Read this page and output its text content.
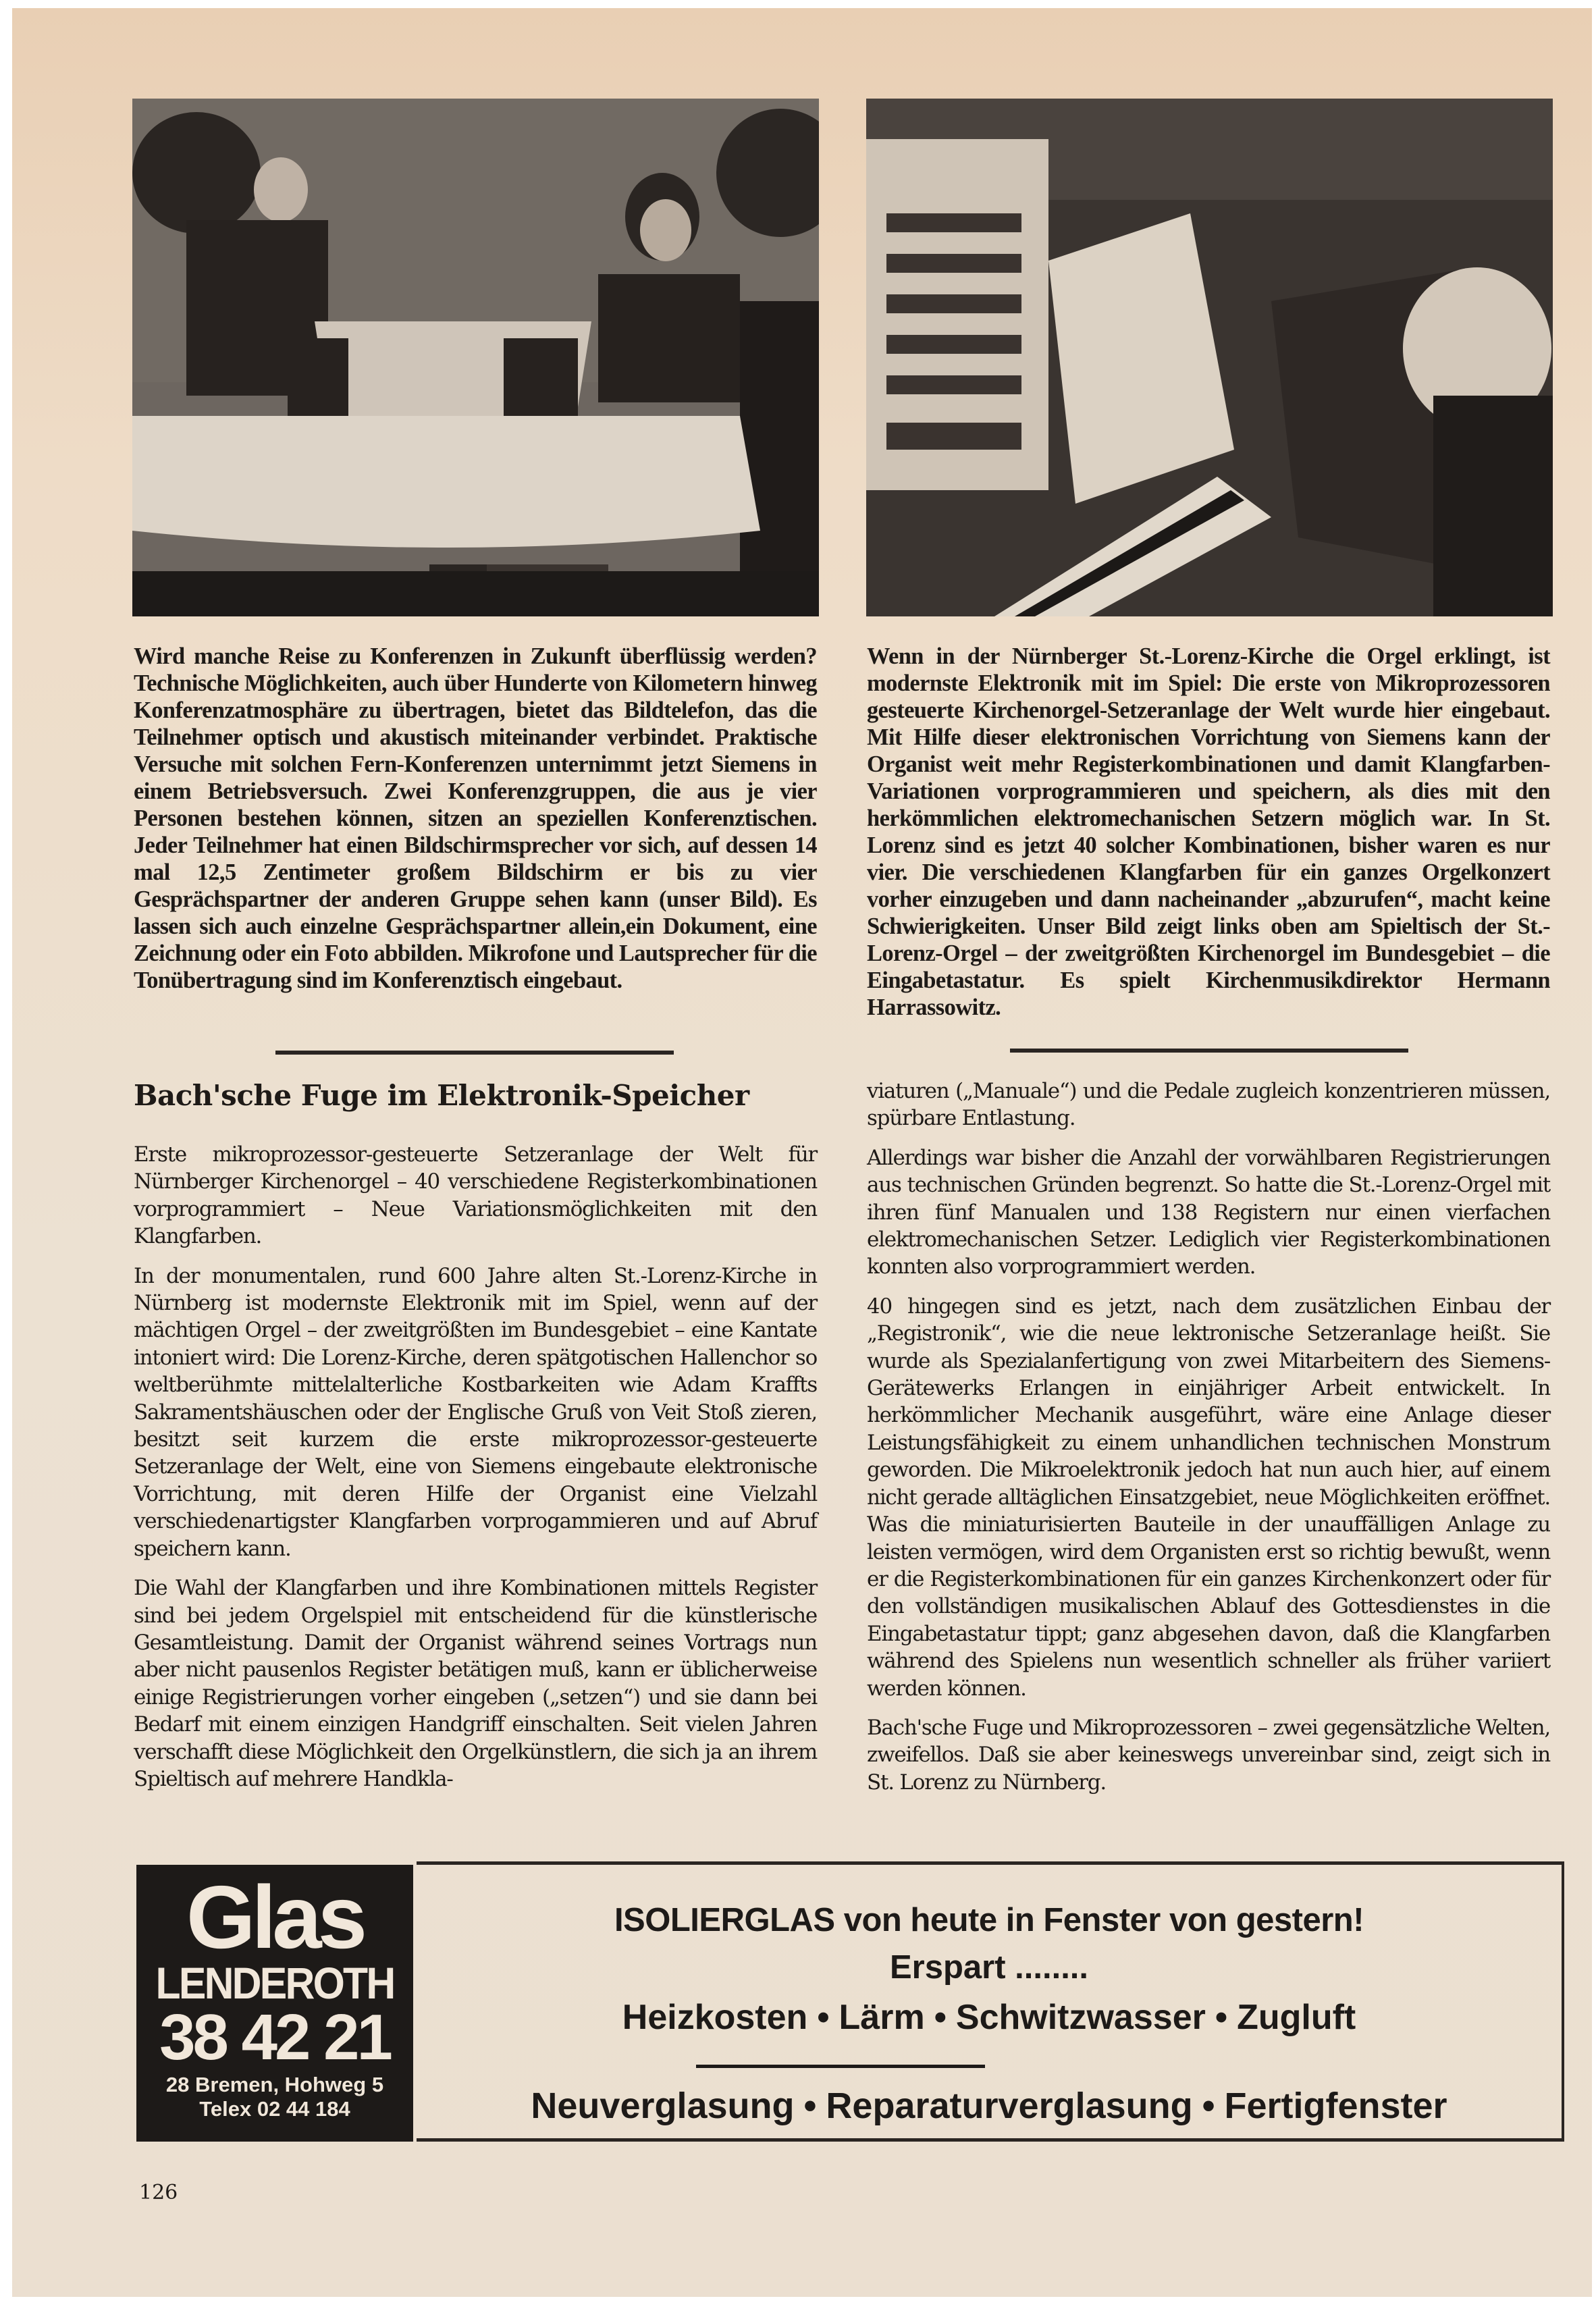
Wird manche Reise zu Konferenzen in Zukunft überflüssig werden? Technische Möglichkeiten, auch über Hunderte von Kilometern hinweg Konferenzatmosphäre zu übertragen, bietet das Bildtelefon, das die Teilnehmer optisch und akustisch miteinander verbindet. Praktische Versuche mit solchen Fern-Konferenzen unternimmt jetzt Siemens in einem Betriebsversuch. Zwei Konferenzgruppen, die aus je vier Personen bestehen können, sitzen an speziellen Konferenztischen. Jeder Teilnehmer hat einen Bildschirmsprecher vor sich, auf dessen 14 mal 12,5 Zentimeter großem Bildschirm er bis zu vier Gesprächspartner der anderen Gruppe sehen kann (unser Bild). Es lassen sich auch einzelne Gesprächspartner allein,ein Dokument, eine Zeichnung oder ein Foto abbilden. Mikrofone und Lautsprecher für die Tonübertragung sind im Konferenztisch eingebaut.
Wenn in der Nürnberger St.-Lorenz-Kirche die Orgel erklingt, ist modernste Elektronik mit im Spiel: Die erste von Mikroprozessoren gesteuerte Kirchenorgel-Setzeranlage der Welt wurde hier eingebaut. Mit Hilfe dieser elektronischen Vorrichtung von Siemens kann der Organist weit mehr Registerkombinationen und damit Klangfarben-Variationen vorprogrammieren und speichern, als dies mit den herkömmlichen elektromechanischen Setzern möglich war. In St. Lorenz sind es jetzt 40 solcher Kombinationen, bisher waren es nur vier. Die verschiedenen Klangfarben für ein ganzes Orgelkonzert vorher einzugeben und dann nacheinander „abzurufen“, macht keine Schwierigkeiten. Unser Bild zeigt links oben am Spieltisch der St.-Lorenz-Orgel – der zweitgrößten Kirchenorgel im Bundesgebiet – die Eingabetastatur. Es spielt Kirchenmusikdirektor Hermann Harrassowitz.
Bach'sche Fuge im Elektronik-Speicher

Erste mikroprozessor-gesteuerte Setzeranlage der Welt für Nürnberger Kirchenorgel – 40 verschiedene Registerkombinationen vorprogrammiert – Neue Variationsmöglichkeiten mit den Klangfarben.

In der monumentalen, rund 600 Jahre alten St.-Lorenz-Kirche in Nürnberg ist modernste Elektronik mit im Spiel, wenn auf der mächtigen Orgel – der zweitgrößten im Bundesgebiet – eine Kantate intoniert wird: Die Lorenz-Kirche, deren spätgotischen Hallenchor so weltberühmte mittelalterliche Kostbarkeiten wie Adam Kraffts Sakramentshäuschen oder der Englische Gruß von Veit Stoß zieren, besitzt seit kurzem die erste mikroprozessor-gesteuerte Setzeranlage der Welt, eine von Siemens eingebaute elektronische Vorrichtung, mit deren Hilfe der Organist eine Vielzahl verschiedenartigster Klangfarben vorprogammieren und auf Abruf speichern kann.

Die Wahl der Klangfarben und ihre Kombinationen mittels Register sind bei jedem Orgelspiel mit entscheidend für die künstlerische Gesamtleistung. Damit der Organist während seines Vortrags nun aber nicht pausenlos Register betätigen muß, kann er üblicherweise einige Registrierungen vorher eingeben („setzen“) und sie dann bei Bedarf mit einem einzigen Handgriff einschalten. Seit vielen Jahren verschafft diese Möglichkeit den Orgelkünstlern, die sich ja an ihrem Spieltisch auf mehrere Handkla-

viaturen („Manuale“) und die Pedale zugleich konzentrieren müssen, spürbare Entlastung.

Allerdings war bisher die Anzahl der vorwählbaren Registrierungen aus technischen Gründen begrenzt. So hatte die St.-Lorenz-Orgel mit ihren fünf Manualen und 138 Registern nur einen vierfachen elektromechanischen Setzer. Lediglich vier Registerkombinationen konnten also vorprogrammiert werden.

40 hingegen sind es jetzt, nach dem zusätzlichen Einbau der „Registronik“, wie die neue lektronische Setzeranlage heißt. Sie wurde als Spezialanfertigung von zwei Mitarbeitern des Siemens-Gerätewerks Erlangen in einjähriger Arbeit entwickelt. In herkömmlicher Mechanik ausgeführt, wäre eine Anlage dieser Leistungsfähigkeit zu einem unhandlichen technischen Monstrum geworden. Die Mikroelektronik jedoch hat nun auch hier, auf einem nicht gerade alltäglichen Einsatzgebiet, neue Möglichkeiten eröffnet. Was die miniaturisierten Bauteile in der unauffälligen Anlage zu leisten vermögen, wird dem Organisten erst so richtig bewußt, wenn er die Registerkombinationen für ein ganzes Kirchenkonzert oder für den vollständigen musikalischen Ablauf des Gottesdienstes in die Eingabetastatur tippt; ganz abgesehen davon, daß die Klangfarben während des Spielens nun wesentlich schneller als früher variiert werden können.

Bach'sche Fuge und Mikroprozessoren – zwei gegensätzliche Welten, zweifellos. Daß sie aber keineswegs unvereinbar sind, zeigt sich in St. Lorenz zu Nürnberg.

Glas
LENDEROTH
38 42 21
28 Bremen, Hohweg 5
Telex 02 44 184
ISOLIERGLAS von heute in Fenster von gestern!
Erspart ........
Heizkosten • Lärm • Schwitzwasser • Zugluft
Neuverglasung • Reparaturverglasung • Fertigfenster
126
